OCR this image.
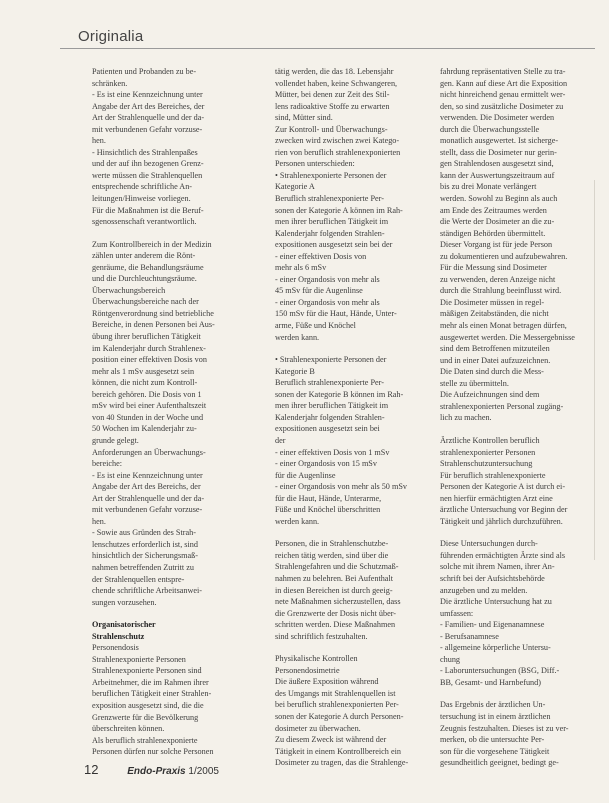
Originalia

Patienten und Probanden zu be-

schränken.

- Es ist eine Kennzeichnung unter

Angabe der Art des Bereiches, der

Art der Strahlenquelle und der da-

mit verbundenen Gefahr vorzuse-

hen.

- Hinsichtlich des Strahlenpaßes

und der auf ihn bezogenen Grenz-

werte müssen die Strahlenquellen

entsprechende schriftliche An-

leitungen/Hinweise vorliegen.

Für die Maßnahmen ist die Beruf-

sgenossenschaft verantwortlich.

Zum Kontrollbereich in der Medizin

zählen unter anderem die Rönt-

genräume, die Behandlungsräume

und die Durchleuchtungsräume.

Überwachungsbereich

Überwachungsbereiche nach der

Röntgenverordnung sind betriebliche

Bereiche, in denen Personen bei Aus-

übung ihrer beruflichen Tätigkeit

im Kalenderjahr durch Strahlenex-

position einer effektiven Dosis von

mehr als 1 mSv ausgesetzt sein

können, die nicht zum Kontroll-

bereich gehören. Die Dosis von 1

mSv wird bei einer Aufenthaltszeit

von 40 Stunden in der Woche und

50 Wochen im Kalenderjahr zu-

grunde gelegt.

Anforderungen an Überwachungs-

bereiche:

- Es ist eine Kennzeichnung unter

Angabe der Art des Bereichs, der

Art der Strahlenquelle und der da-

mit verbundenen Gefahr vorzuse-

hen.

- Sowie aus Gründen des Strah-

lenschutzes erforderlich ist, sind

hinsichtlich der Sicherungsmaß-

nahmen betreffenden Zutritt zu

der Strahlenquellen entspre-

chende schriftliche Arbeitsanwei-

sungen vorzusehen.

Organisatorischer

Strahlenschutz

Personendosis

Strahlenexponierte Personen

Strahlenexponierte Personen sind

Arbeitnehmer, die im Rahmen ihrer

beruflichen Tätigkeit einer Strahlen-

exposition ausgesetzt sind, die die

Grenzwerte für die Bevölkerung

überschreiten können.

Als beruflich strahlenexponierte

Personen dürfen nur solche Personen

tätig werden, die das 18. Lebensjahr

vollendet haben, keine Schwangeren,

Mütter, bei denen zur Zeit des Stil-

lens radioaktive Stoffe zu erwarten

sind, Mütter sind.

Zur Kontroll- und Überwachungs-

zwecken wird zwischen zwei Katego-

rien von beruflich strahlenexponierten

Personen unterschieden:

• Strahlenexponierte Personen der

Kategorie A

Beruflich strahlenexponierte Per-

sonen der Kategorie A können im Rah-

men ihrer beruflichen Tätigkeit im

Kalenderjahr folgenden Strahlen-

expositionen ausgesetzt sein bei der

- einer effektiven Dosis von

mehr als 6 mSv

- einer Organdosis von mehr als

45 mSv für die Augenlinse

- einer Organdosis von mehr als

150 mSv für die Haut, Hände, Unter-

arme, Füße und Knöchel

werden kann.

• Strahlenexponierte Personen der

Kategorie B

Beruflich strahlenexponierte Per-

sonen der Kategorie B können im Rah-

men ihrer beruflichen Tätigkeit im

Kalenderjahr folgenden Strahlen-

expositionen ausgesetzt sein bei

der

- einer effektiven Dosis von 1 mSv

- einer Organdosis von 15 mSv

für die Augenlinse

- einer Organdosis von mehr als 50 mSv

für die Haut, Hände, Unterarme,

Füße und Knöchel überschritten

werden kann.

Personen, die in Strahlenschutzbe-

reichen tätig werden, sind über die

Strahlengefahren und die Schutzmaß-

nahmen zu belehren. Bei Aufenthalt

in diesen Bereichen ist durch geeig-

nete Maßnahmen sicherzustellen, dass

die Grenzwerte der Dosis nicht über-

schritten werden. Diese Maßnahmen

sind schriftlich festzuhalten.

Physikalische Kontrollen

Personendosimetrie

Die äußere Exposition während

des Umgangs mit Strahlenquellen ist

bei beruflich strahlenexponierten Per-

sonen der Kategorie A durch Personen-

dosimeter zu überwachen.

Zu diesem Zweck ist während der

Tätigkeit in einem Kontrollbereich ein

Dosimeter zu tragen, das die Strahlenge-

fahrdung repräsentativen Stelle zu tra-

gen. Kann auf diese Art die Exposition

nicht hinreichend genau ermittelt wer-

den, so sind zusätzliche Dosimeter zu

verwenden. Die Dosimeter werden

durch die Überwachungsstelle

monatlich ausgewertet. Ist sicherge-

stellt, dass die Dosimeter nur gerin-

gen Strahlendosen ausgesetzt sind,

kann der Auswertungszeitraum auf

bis zu drei Monate verlängert

werden. Sowohl zu Beginn als auch

am Ende des Zeitraumes werden

die Werte der Dosimeter an die zu-

ständigen Behörden übermittelt.

Dieser Vorgang ist für jede Person

zu dokumentieren und aufzubewahren.

Für die Messung sind Dosimeter

zu verwenden, deren Anzeige nicht

durch die Strahlung beeinflusst wird.

Die Dosimeter müssen in regel-

mäßigen Zeitabständen, die nicht

mehr als einen Monat betragen dürfen,

ausgewertet werden. Die Messergebnisse

sind dem Betroffenen mitzuteilen

und in einer Datei aufzuzeichnen.

Die Daten sind durch die Mess-

stelle zu übermitteln.

Die Aufzeichnungen sind dem

strahlenexponierten Personal zugäng-

lich zu machen.

Ärztliche Kontrollen beruflich

strahlenexponierter Personen

Strahlenschutzuntersuchung

Für beruflich strahlenexponierte

Personen der Kategorie A ist durch ei-

nen hierfür ermächtigten Arzt eine

ärztliche Untersuchung vor Beginn der

Tätigkeit und jährlich durchzuführen.

Diese Untersuchungen durch-

führenden ermächtigten Ärzte sind als

solche mit ihrem Namen, ihrer An-

schrift bei der Aufsichtsbehörde

anzugeben und zu melden.

Die ärztliche Untersuchung hat zu

umfassen:

- Familien- und Eigenanamnese

- Berufsanamnese

- allgemeine körperliche Untersu-

chung

- Laboruntersuchungen (BSG, Diff.-

BB, Gesamt- und Harnbefund)

Das Ergebnis der ärztlichen Un-

tersuchung ist in einem ärztlichen

Zeugnis festzuhalten. Dieses ist zu ver-

merken, ob die untersuchte Per-

son für die vorgesehene Tätigkeit

gesundheitlich geeignet, bedingt ge-

12	Endo-Praxis 1/2005
